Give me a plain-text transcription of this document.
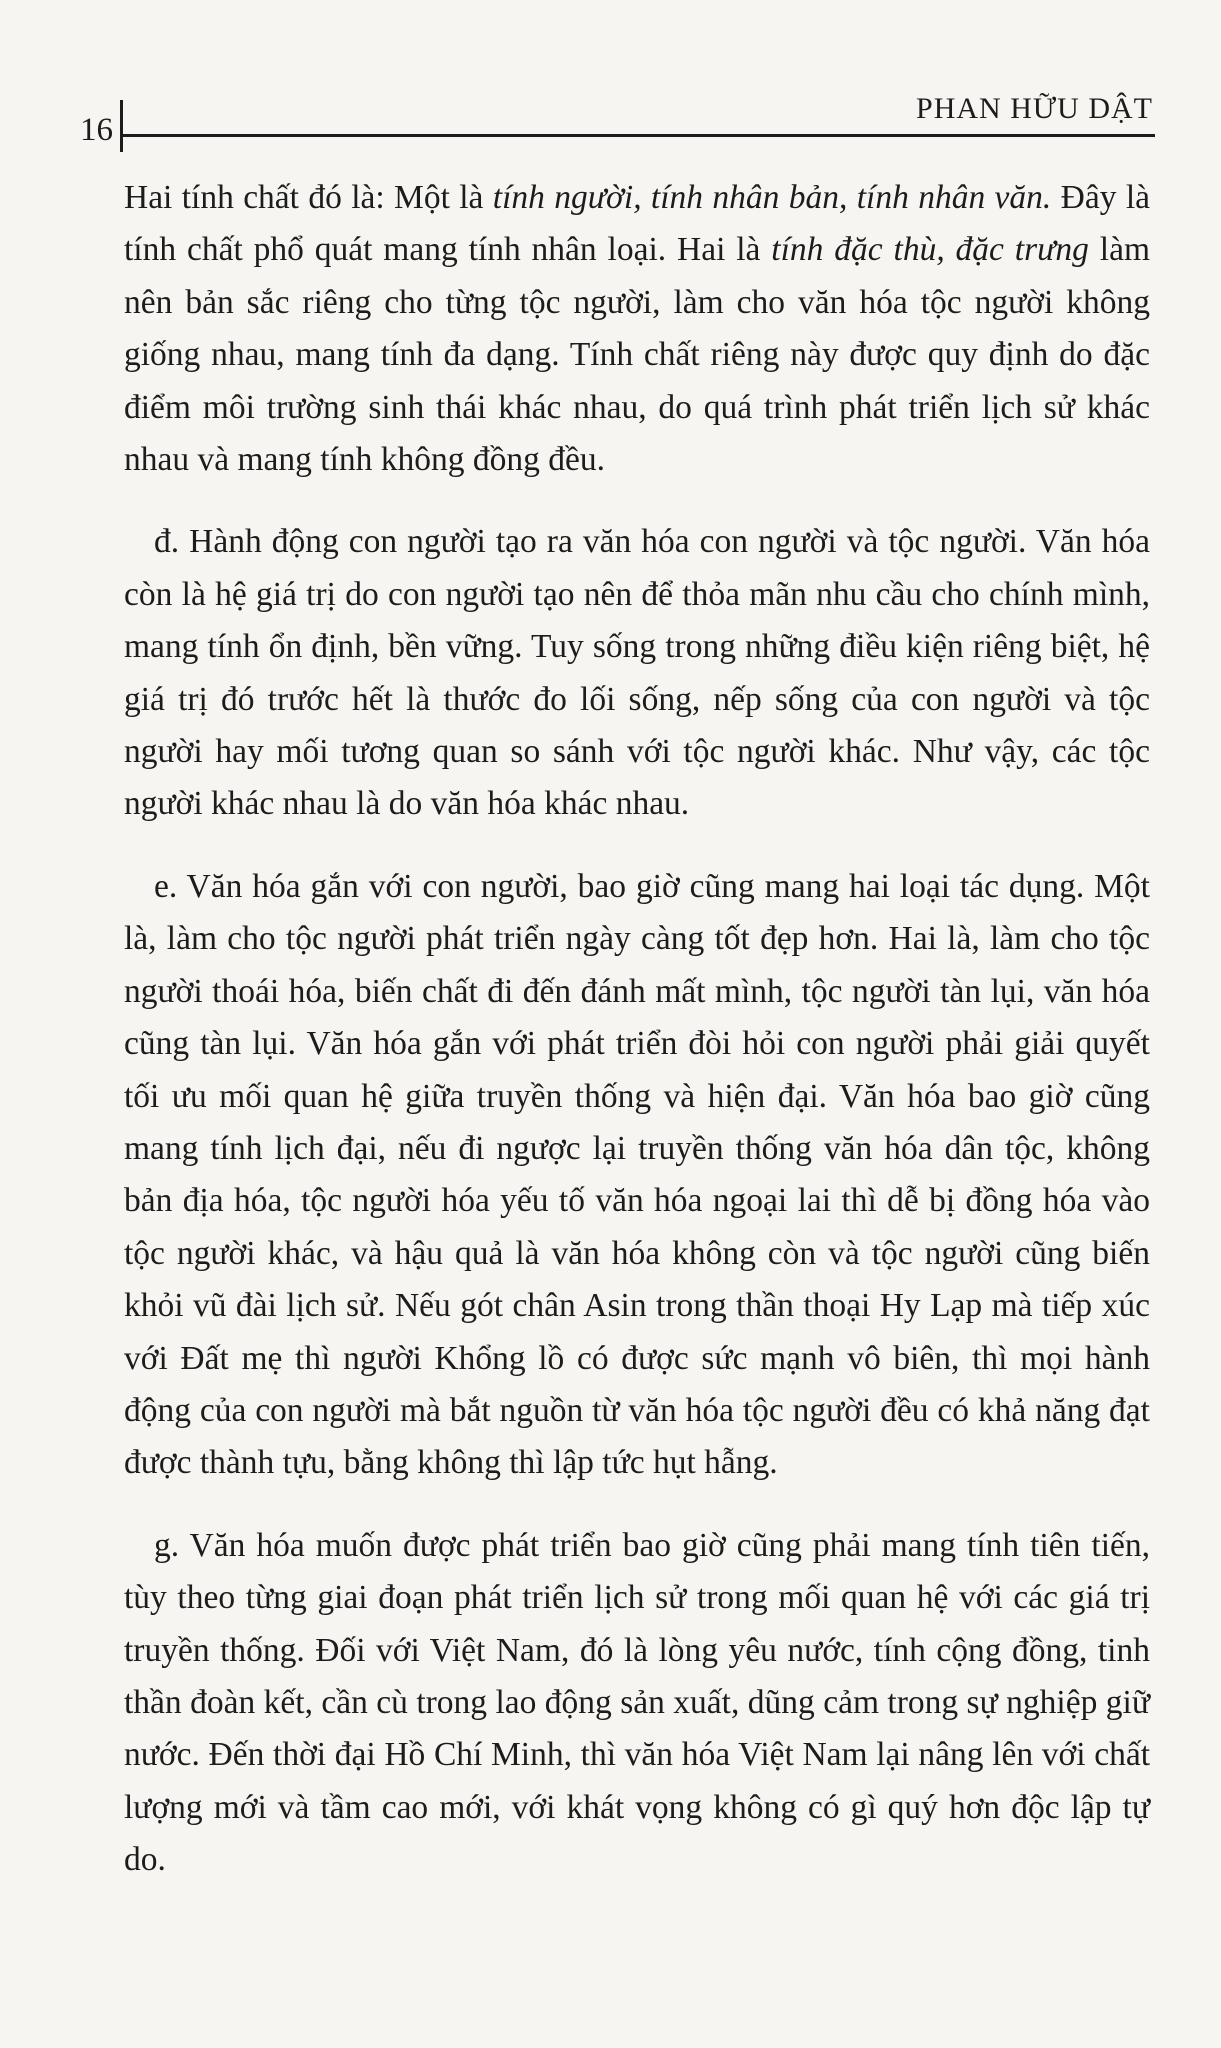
16
PHAN HỮU DẬT

Hai tính chất đó là: Một là tính người, tính nhân bản, tính nhân văn. Đây là tính chất phổ quát mang tính nhân loại. Hai là tính đặc thù, đặc trưng làm nên bản sắc riêng cho từng tộc người, làm cho văn hóa tộc người không giống nhau, mang tính đa dạng. Tính chất riêng này được quy định do đặc điểm môi trường sinh thái khác nhau, do quá trình phát triển lịch sử khác nhau và mang tính không đồng đều.

đ. Hành động con người tạo ra văn hóa con người và tộc người. Văn hóa còn là hệ giá trị do con người tạo nên để thỏa mãn nhu cầu cho chính mình, mang tính ổn định, bền vững. Tuy sống trong những điều kiện riêng biệt, hệ giá trị đó trước hết là thước đo lối sống, nếp sống của con người và tộc người hay mối tương quan so sánh với tộc người khác. Như vậy, các tộc người khác nhau là do văn hóa khác nhau.

e. Văn hóa gắn với con người, bao giờ cũng mang hai loại tác dụng. Một là, làm cho tộc người phát triển ngày càng tốt đẹp hơn. Hai là, làm cho tộc người thoái hóa, biến chất đi đến đánh mất mình, tộc người tàn lụi, văn hóa cũng tàn lụi. Văn hóa gắn với phát triển đòi hỏi con người phải giải quyết tối ưu mối quan hệ giữa truyền thống và hiện đại. Văn hóa bao giờ cũng mang tính lịch đại, nếu đi ngược lại truyền thống văn hóa dân tộc, không bản địa hóa, tộc người hóa yếu tố văn hóa ngoại lai thì dễ bị đồng hóa vào tộc người khác, và hậu quả là văn hóa không còn và tộc người cũng biến khỏi vũ đài lịch sử. Nếu gót chân Asin trong thần thoại Hy Lạp mà tiếp xúc với Đất mẹ thì người Khổng lồ có được sức mạnh vô biên, thì mọi hành động của con người mà bắt nguồn từ văn hóa tộc người đều có khả năng đạt được thành tựu, bằng không thì lập tức hụt hẫng.

g. Văn hóa muốn được phát triển bao giờ cũng phải mang tính tiên tiến, tùy theo từng giai đoạn phát triển lịch sử trong mối quan hệ với các giá trị truyền thống. Đối với Việt Nam, đó là lòng yêu nước, tính cộng đồng, tinh thần đoàn kết, cần cù trong lao động sản xuất, dũng cảm trong sự nghiệp giữ nước. Đến thời đại Hồ Chí Minh, thì văn hóa Việt Nam lại nâng lên với chất lượng mới và tầm cao mới, với khát vọng không có gì quý hơn độc lập tự do.
